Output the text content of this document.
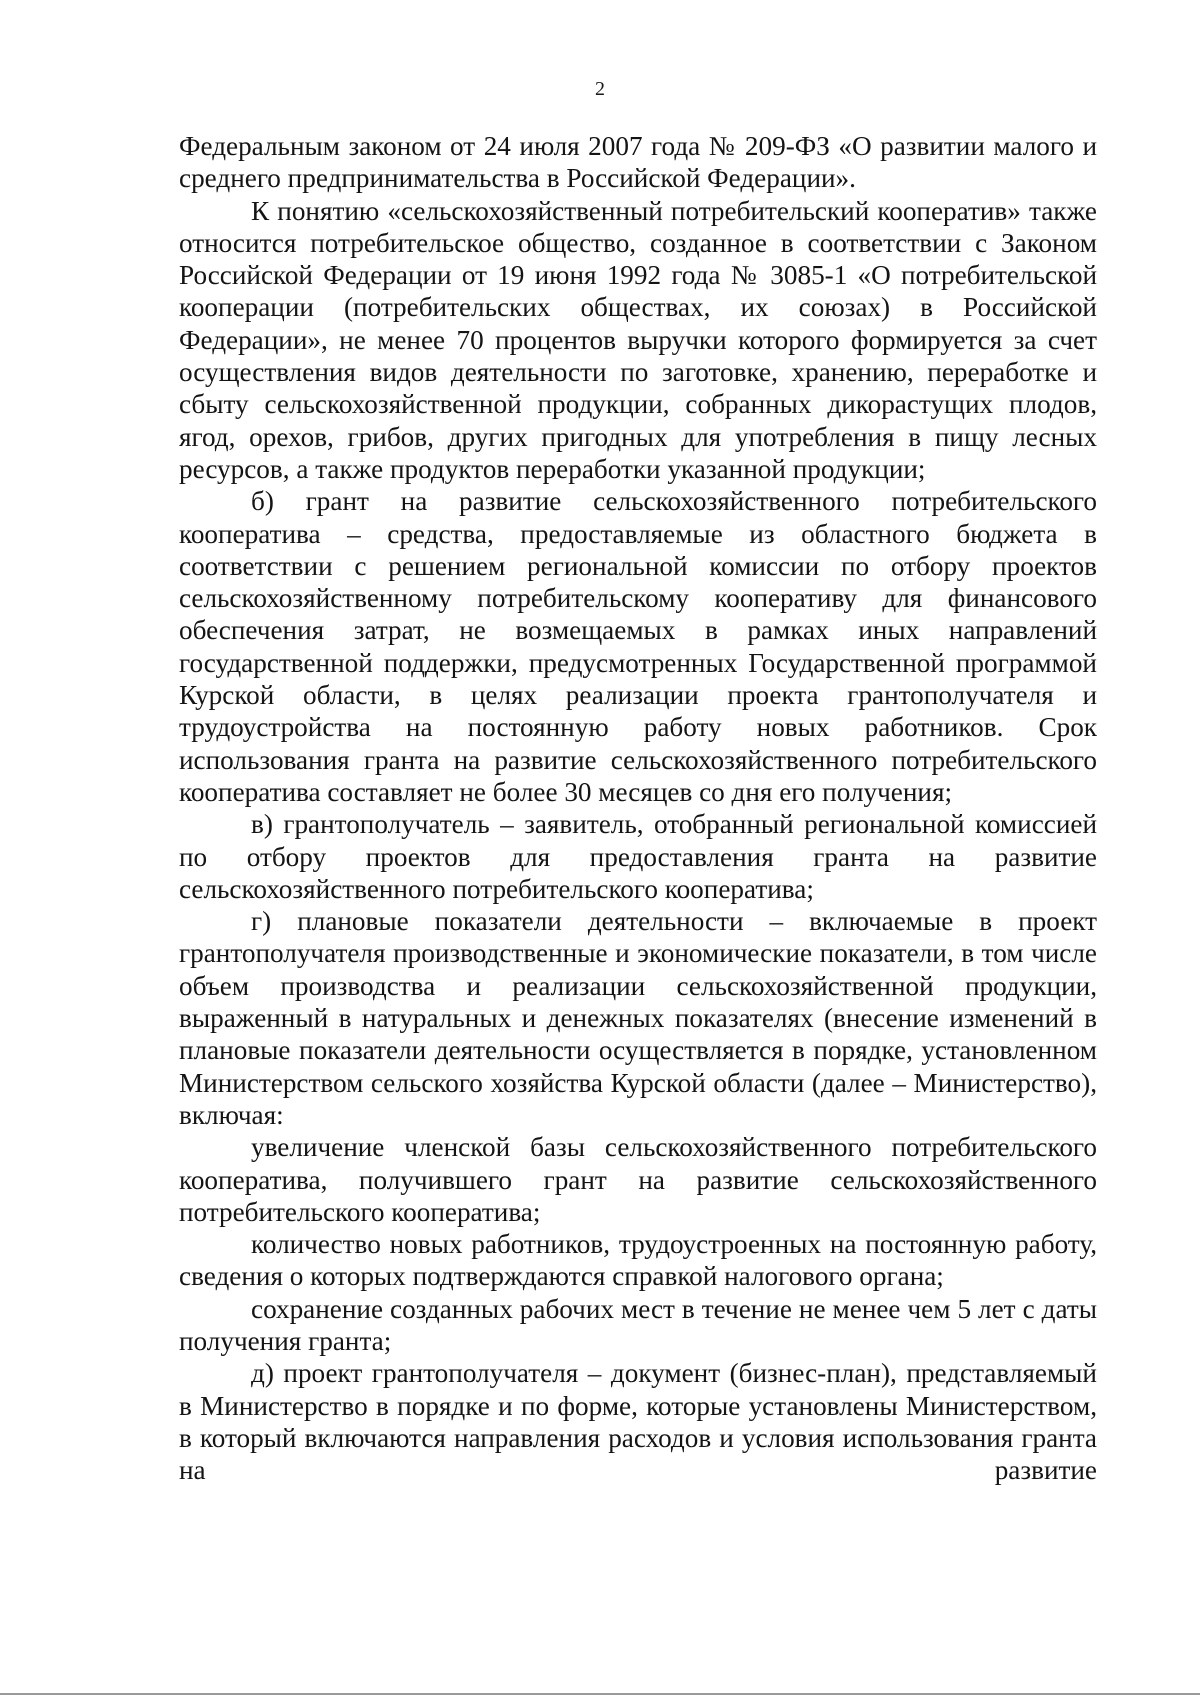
2

Федеральным законом от 24 июля 2007 года № 209-ФЗ «О развитии малого и среднего предпринимательства в Российской Федерации».

К понятию «сельскохозяйственный потребительский кооператив» также относится потребительское общество, созданное в соответствии с Законом Российской Федерации от 19 июня 1992 года № 3085-1 «О потребительской кооперации (потребительских обществах, их союзах) в Российской Федерации», не менее 70 процентов выручки которого формируется за счет осуществления видов деятельности по заготовке, хранению, переработке и сбыту сельскохозяйственной продукции, собранных дикорастущих плодов, ягод, орехов, грибов, других пригодных для употребления в пищу лесных ресурсов, а также продуктов переработки указанной продукции;

б) грант на развитие сельскохозяйственного потребительского кооператива – средства, предоставляемые из областного бюджета в соответствии с решением региональной комиссии по отбору проектов сельскохозяйственному потребительскому кооперативу для финансового обеспечения затрат, не возмещаемых в рамках иных направлений государственной поддержки, предусмотренных Государственной программой Курской области, в целях реализации проекта грантополучателя и трудоустройства на постоянную работу новых работников. Срок использования гранта на развитие сельскохозяйственного потребительского кооператива составляет не более 30 месяцев со дня его получения;

в) грантополучатель – заявитель, отобранный региональной комиссией по отбору проектов для предоставления гранта на развитие сельскохозяйственного потребительского кооператива;

г) плановые показатели деятельности – включаемые в проект грантополучателя производственные и экономические показатели, в том числе объем производства и реализации сельскохозяйственной продукции, выраженный в натуральных и денежных показателях (внесение изменений в плановые показатели деятельности осуществляется в порядке, установленном Министерством сельского хозяйства Курской области (далее – Министерство), включая:

увеличение членской базы сельскохозяйственного потребительского кооператива, получившего грант на развитие сельскохозяйственного потребительского кооператива;

количество новых работников, трудоустроенных на постоянную работу, сведения о которых подтверждаются справкой налогового органа;

сохранение созданных рабочих мест в течение не менее чем 5 лет с даты получения гранта;

д) проект грантополучателя – документ (бизнес-план), представляемый в Министерство в порядке и по форме, которые установлены Министерством, в который включаются направления расходов и условия использования гранта на развитие
